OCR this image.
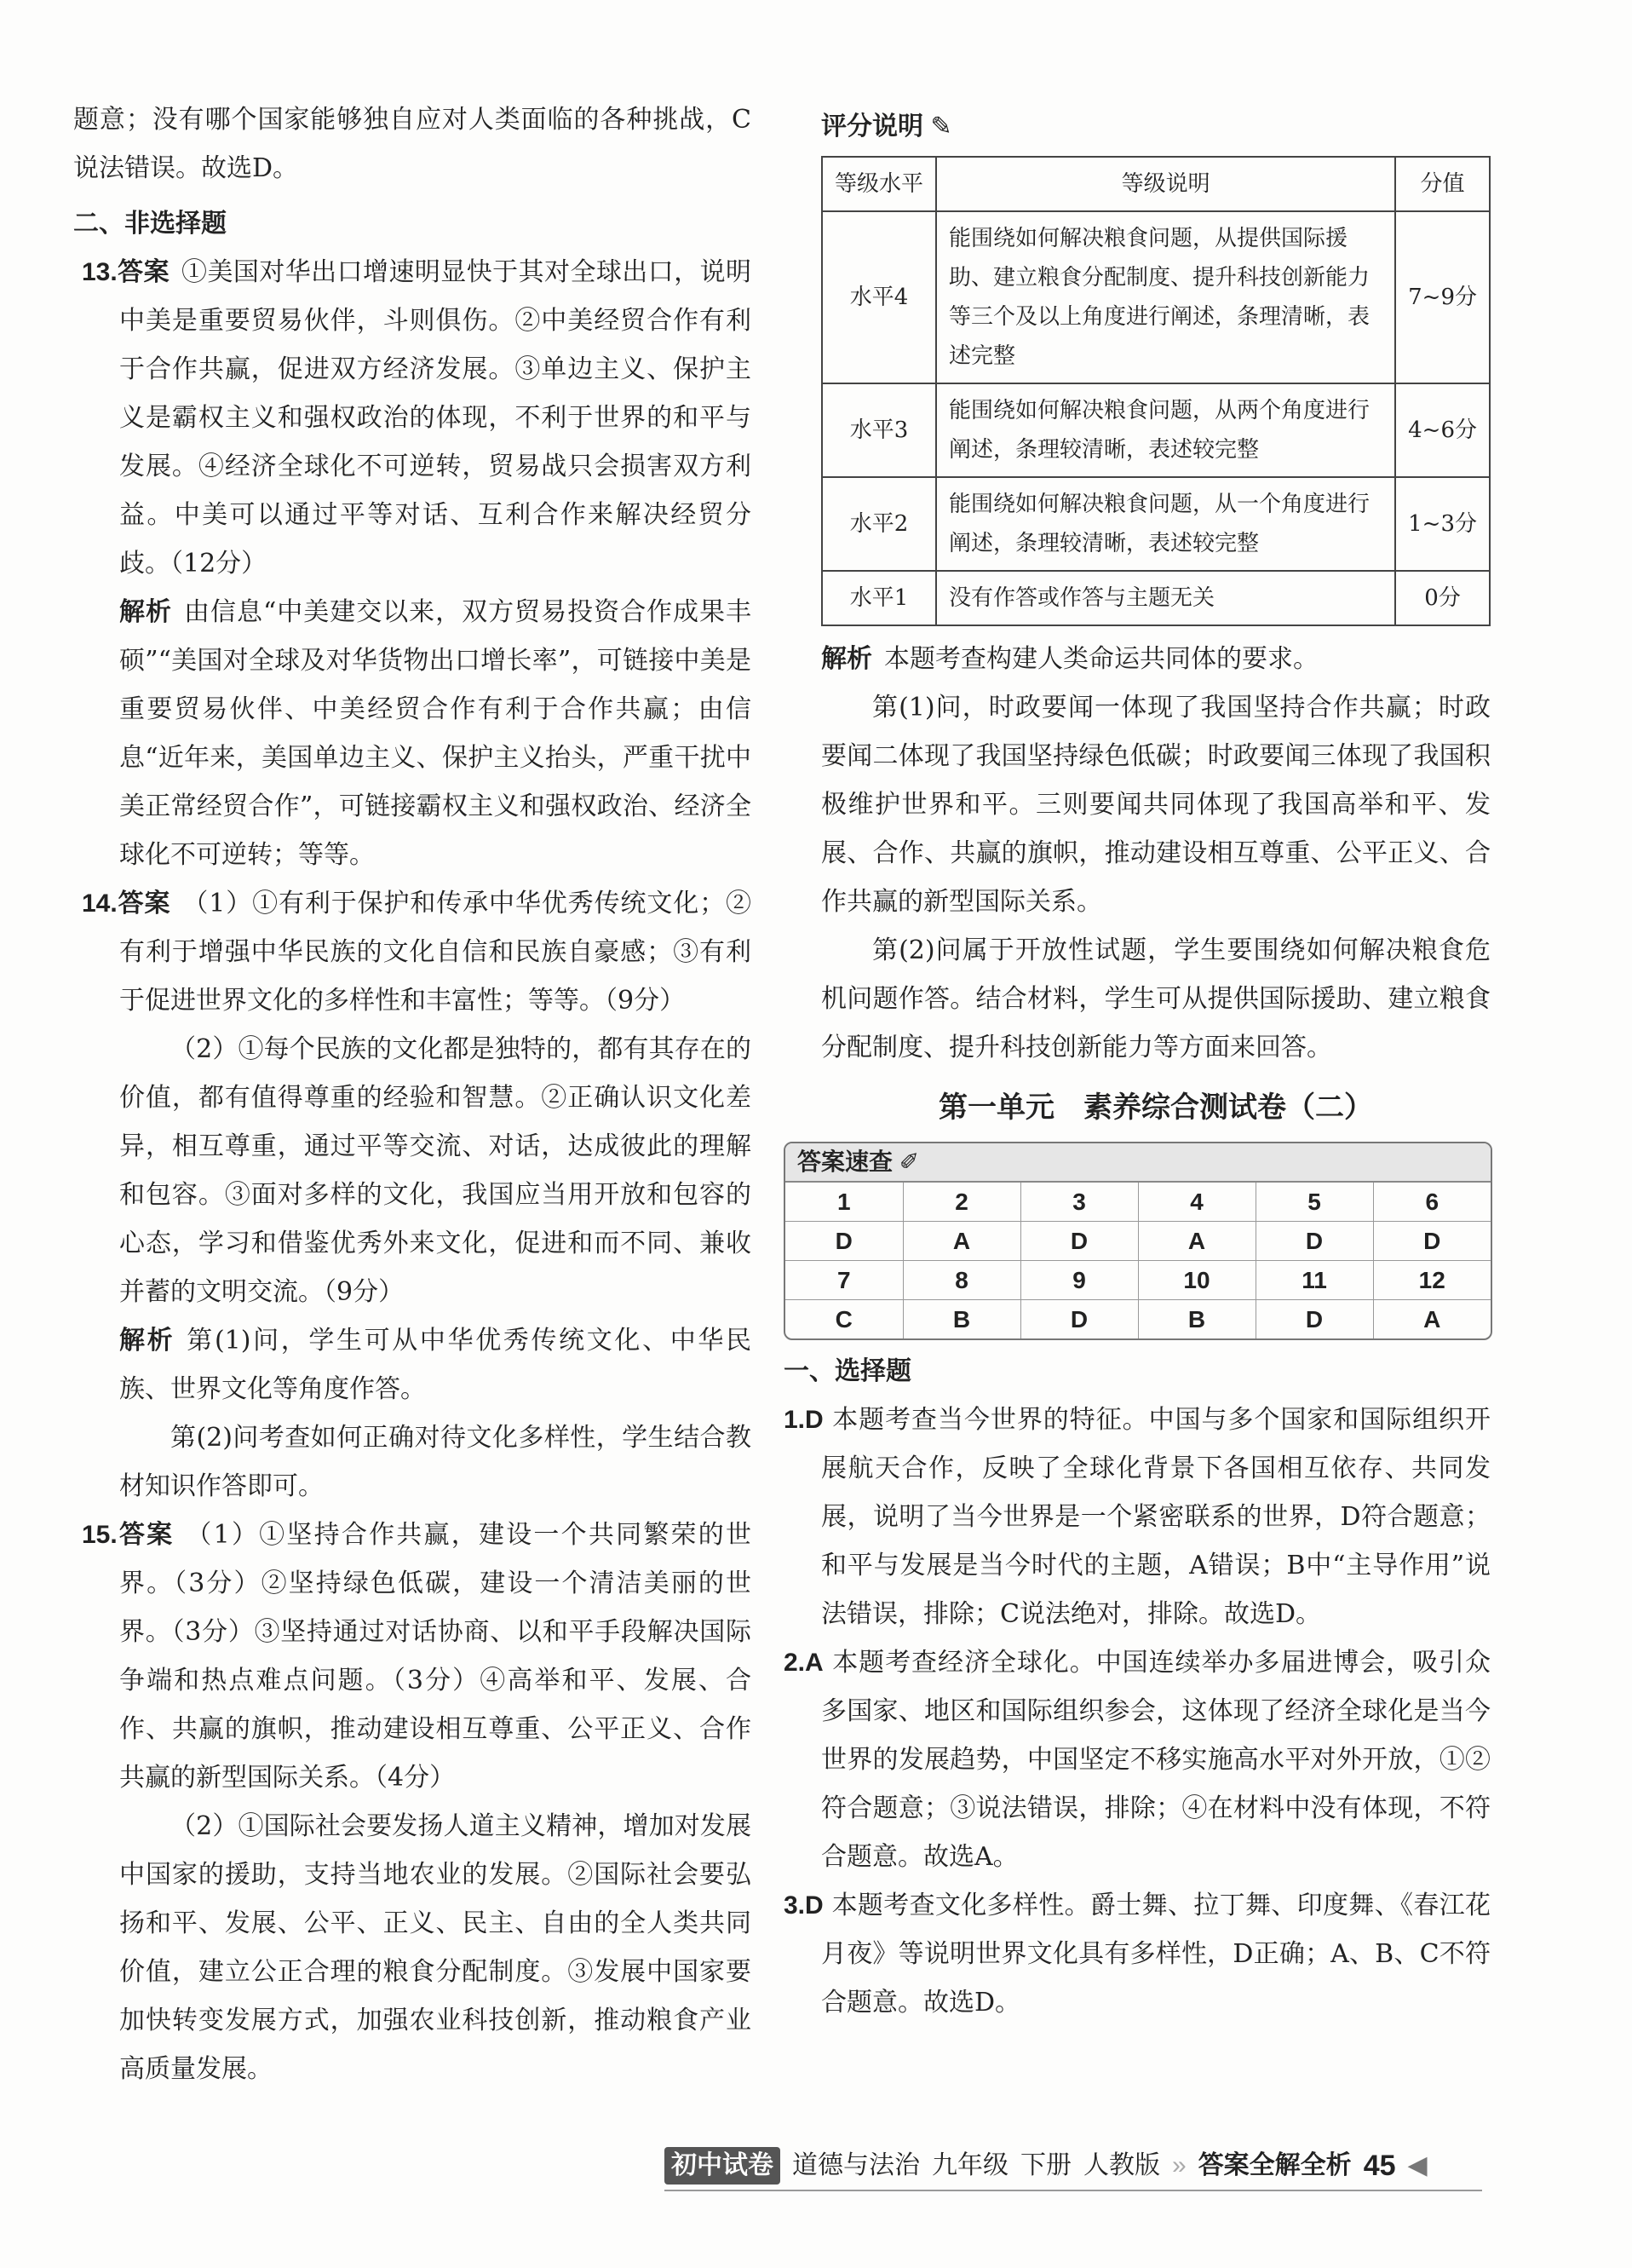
题意；没有哪个国家能够独自应对人类面临的各种挑战，C说法错误。故选D。

二、非选择题

13.答案 ①美国对华出口增速明显快于其对全球出口，说明中美是重要贸易伙伴，斗则俱伤。②中美经贸合作有利于合作共赢，促进双方经济发展。③单边主义、保护主义是霸权主义和强权政治的体现，不利于世界的和平与发展。④经济全球化不可逆转，贸易战只会损害双方利益。中美可以通过平等对话、互利合作来解决经贸分歧。（12分）

解析 由信息“中美建交以来，双方贸易投资合作成果丰硕”“美国对全球及对华货物出口增长率”，可链接中美是重要贸易伙伴、中美经贸合作有利于合作共赢；由信息“近年来，美国单边主义、保护主义抬头，严重干扰中美正常经贸合作”，可链接霸权主义和强权政治、经济全球化不可逆转；等等。

14.答案 （1）①有利于保护和传承中华优秀传统文化；②有利于增强中华民族的文化自信和民族自豪感；③有利于促进世界文化的多样性和丰富性；等等。（9分）

（2）①每个民族的文化都是独特的，都有其存在的价值，都有值得尊重的经验和智慧。②正确认识文化差异，相互尊重，通过平等交流、对话，达成彼此的理解和包容。③面对多样的文化，我国应当用开放和包容的心态，学习和借鉴优秀外来文化，促进和而不同、兼收并蓄的文明交流。（9分）

解析 第(1)问，学生可从中华优秀传统文化、中华民族、世界文化等角度作答。

第(2)问考查如何正确对待文化多样性，学生结合教材知识作答即可。

15.答案 （1）①坚持合作共赢，建设一个共同繁荣的世界。（3分）②坚持绿色低碳，建设一个清洁美丽的世界。（3分）③坚持通过对话协商、以和平手段解决国际争端和热点难点问题。（3分）④高举和平、发展、合作、共赢的旗帜，推动建设相互尊重、公平正义、合作共赢的新型国际关系。（4分）

（2）①国际社会要发扬人道主义精神，增加对发展中国家的援助，支持当地农业的发展。②国际社会要弘扬和平、发展、公平、正义、民主、自由的全人类共同价值，建立公正合理的粮食分配制度。③发展中国家要加快转变发展方式，加强农业科技创新，推动粮食产业高质量发展。

评分说明 ✎
等级水平	等级说明	分值
水平4	能围绕如何解决粮食问题，从提供国际援助、建立粮食分配制度、提升科技创新能力等三个及以上角度进行阐述，条理清晰，表述完整	7~9分
水平3	能围绕如何解决粮食问题，从两个角度进行阐述，条理较清晰，表述较完整	4~6分
水平2	能围绕如何解决粮食问题，从一个角度进行阐述，条理较清晰，表述较完整	1~3分
水平1	没有作答或作答与主题无关	0分

解析 本题考查构建人类命运共同体的要求。

第(1)问，时政要闻一体现了我国坚持合作共赢；时政要闻二体现了我国坚持绿色低碳；时政要闻三体现了我国积极维护世界和平。三则要闻共同体现了我国高举和平、发展、合作、共赢的旗帜，推动建设相互尊重、公平正义、合作共赢的新型国际关系。

第(2)问属于开放性试题，学生要围绕如何解决粮食危机问题作答。结合材料，学生可从提供国际援助、建立粮食分配制度、提升科技创新能力等方面来回答。

第一单元　素养综合测试卷（二）
答案速查 ✐
1	2	3	4	5	6
D	A	D	A	D	D
7	8	9	10	11	12
C	B	D	B	D	A
一、选择题

1.D 本题考查当今世界的特征。中国与多个国家和国际组织开展航天合作，反映了全球化背景下各国相互依存、共同发展，说明了当今世界是一个紧密联系的世界，D符合题意；和平与发展是当今时代的主题，A错误；B中“主导作用”说法错误，排除；C说法绝对，排除。故选D。

2.A 本题考查经济全球化。中国连续举办多届进博会，吸引众多国家、地区和国际组织参会，这体现了经济全球化是当今世界的发展趋势，中国坚定不移实施高水平对外开放，①②符合题意；③说法错误，排除；④在材料中没有体现，不符合题意。故选A。

3.D 本题考查文化多样性。爵士舞、拉丁舞、印度舞、《春江花月夜》等说明世界文化具有多样性，D正确；A、B、C不符合题意。故选D。

初中试卷 道德与法治 九年级 下册 人教版 » 答案全解全析 45 ◀
